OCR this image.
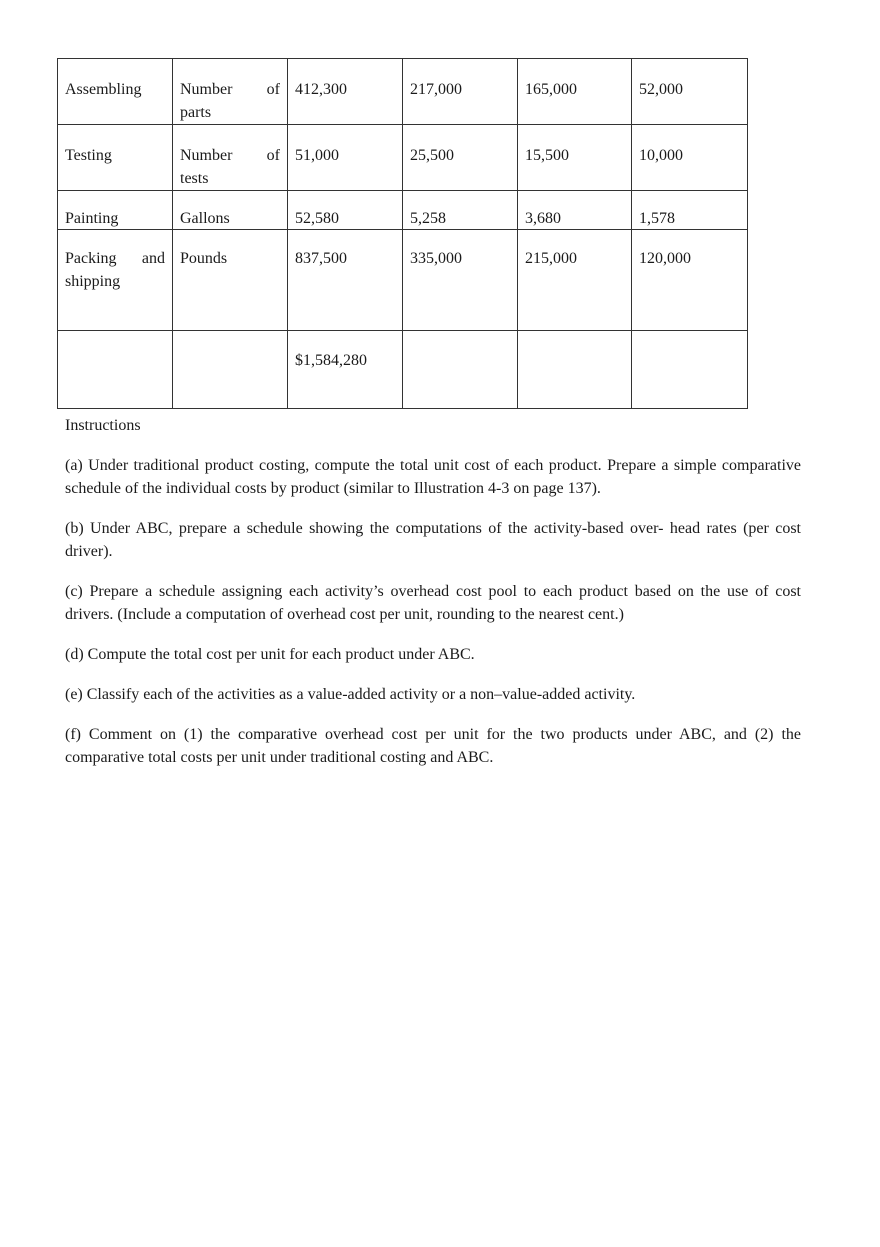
Assembling	Number of parts	412,300	217,000	165,000	52,000
Testing	Number of tests	51,000	25,500	15,500	10,000
Painting	Gallons	52,580	5,258	3,680	1,578
Packing and shipping	Pounds	837,500	335,000	215,000	120,000
		$1,584,280			
Instructions

(a) Under traditional product costing, compute the total unit cost of each product. Prepare a simple comparative schedule of the individual costs by product (similar to Illustration 4-3 on page 137).

(b) Under ABC, prepare a schedule showing the computations of the activity-based over- head rates (per cost driver).

(c) Prepare a schedule assigning each activity’s overhead cost pool to each product based on the use of cost drivers. (Include a computation of overhead cost per unit, rounding to the nearest cent.)

(d) Compute the total cost per unit for each product under ABC.

(e) Classify each of the activities as a value-added activity or a non–value-added activity.

(f) Comment on (1) the comparative overhead cost per unit for the two products under ABC, and (2) the comparative total costs per unit under traditional costing and ABC.
